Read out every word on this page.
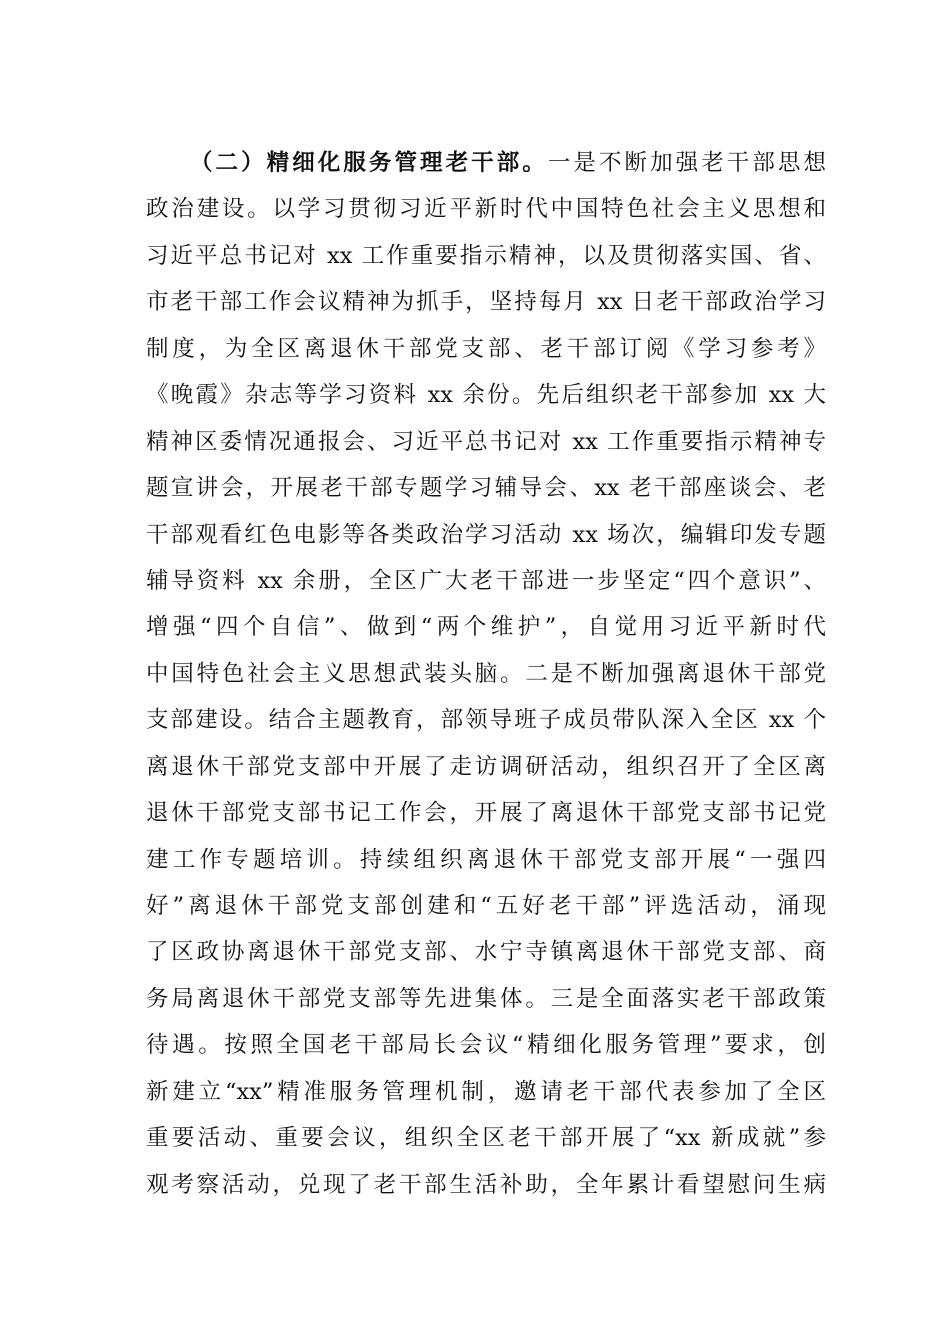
（二）精细化服务管理老干部。一是不断加强老干部思想
政治建设。以学习贯彻习近平新时代中国特色社会主义思想和
习近平总书记对 xx 工作重要指示精神，以及贯彻落实国、省、
市老干部工作会议精神为抓手，坚持每月 xx 日老干部政治学习
制度，为全区离退休干部党支部、老干部订阅《学习参考》
《晚霞》杂志等学习资料 xx 余份。先后组织老干部参加 xx 大
精神区委情况通报会、习近平总书记对 xx 工作重要指示精神专
题宣讲会，开展老干部专题学习辅导会、xx 老干部座谈会、老
干部观看红色电影等各类政治学习活动 xx 场次，编辑印发专题
辅导资料 xx 余册，全区广大老干部进一步坚定“四个意识”、
增强“四个自信”、做到“两个维护”，自觉用习近平新时代
中国特色社会主义思想武装头脑。二是不断加强离退休干部党
支部建设。结合主题教育，部领导班子成员带队深入全区 xx 个
离退休干部党支部中开展了走访调研活动，组织召开了全区离
退休干部党支部书记工作会，开展了离退休干部党支部书记党
建工作专题培训。持续组织离退休干部党支部开展“一强四
好”离退休干部党支部创建和“五好老干部”评选活动，涌现
了区政协离退休干部党支部、水宁寺镇离退休干部党支部、商
务局离退休干部党支部等先进集体。三是全面落实老干部政策
待遇。按照全国老干部局长会议“精细化服务管理”要求，创
新建立“xx”精准服务管理机制，邀请老干部代表参加了全区
重要活动、重要会议，组织全区老干部开展了“xx 新成就”参
观考察活动，兑现了老干部生活补助，全年累计看望慰问生病
